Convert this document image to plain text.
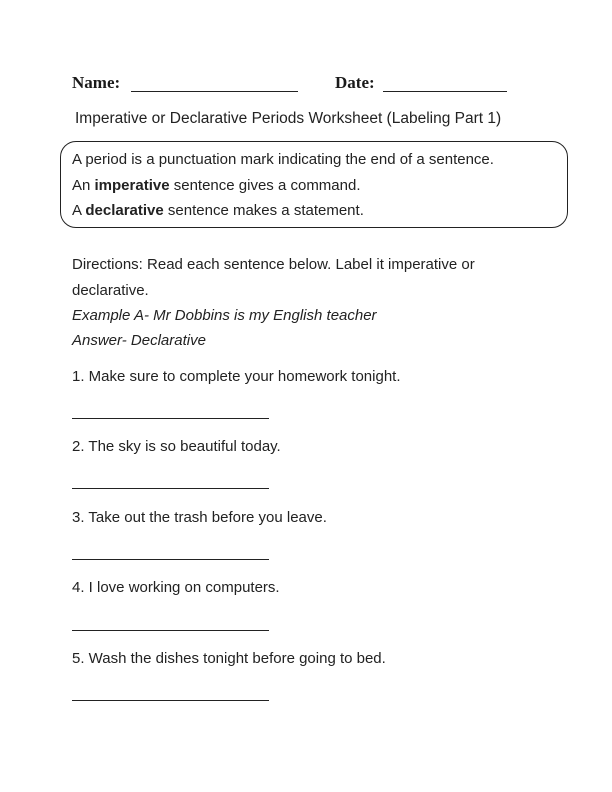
Name:	Date:
Imperative or Declarative Periods Worksheet (Labeling Part 1)
A period is a punctuation mark indicating the end of a sentence.
An imperative sentence gives a command.
A declarative sentence makes a statement.
Directions: Read each sentence below. Label it imperative or
declarative.
Example A- Mr Dobbins is my English teacher
Answer- Declarative
1. Make sure to complete your homework tonight.
2. The sky is so beautiful today.
3. Take out the trash before you leave.
4. I love working on computers.
5. Wash the dishes tonight before going to bed.
